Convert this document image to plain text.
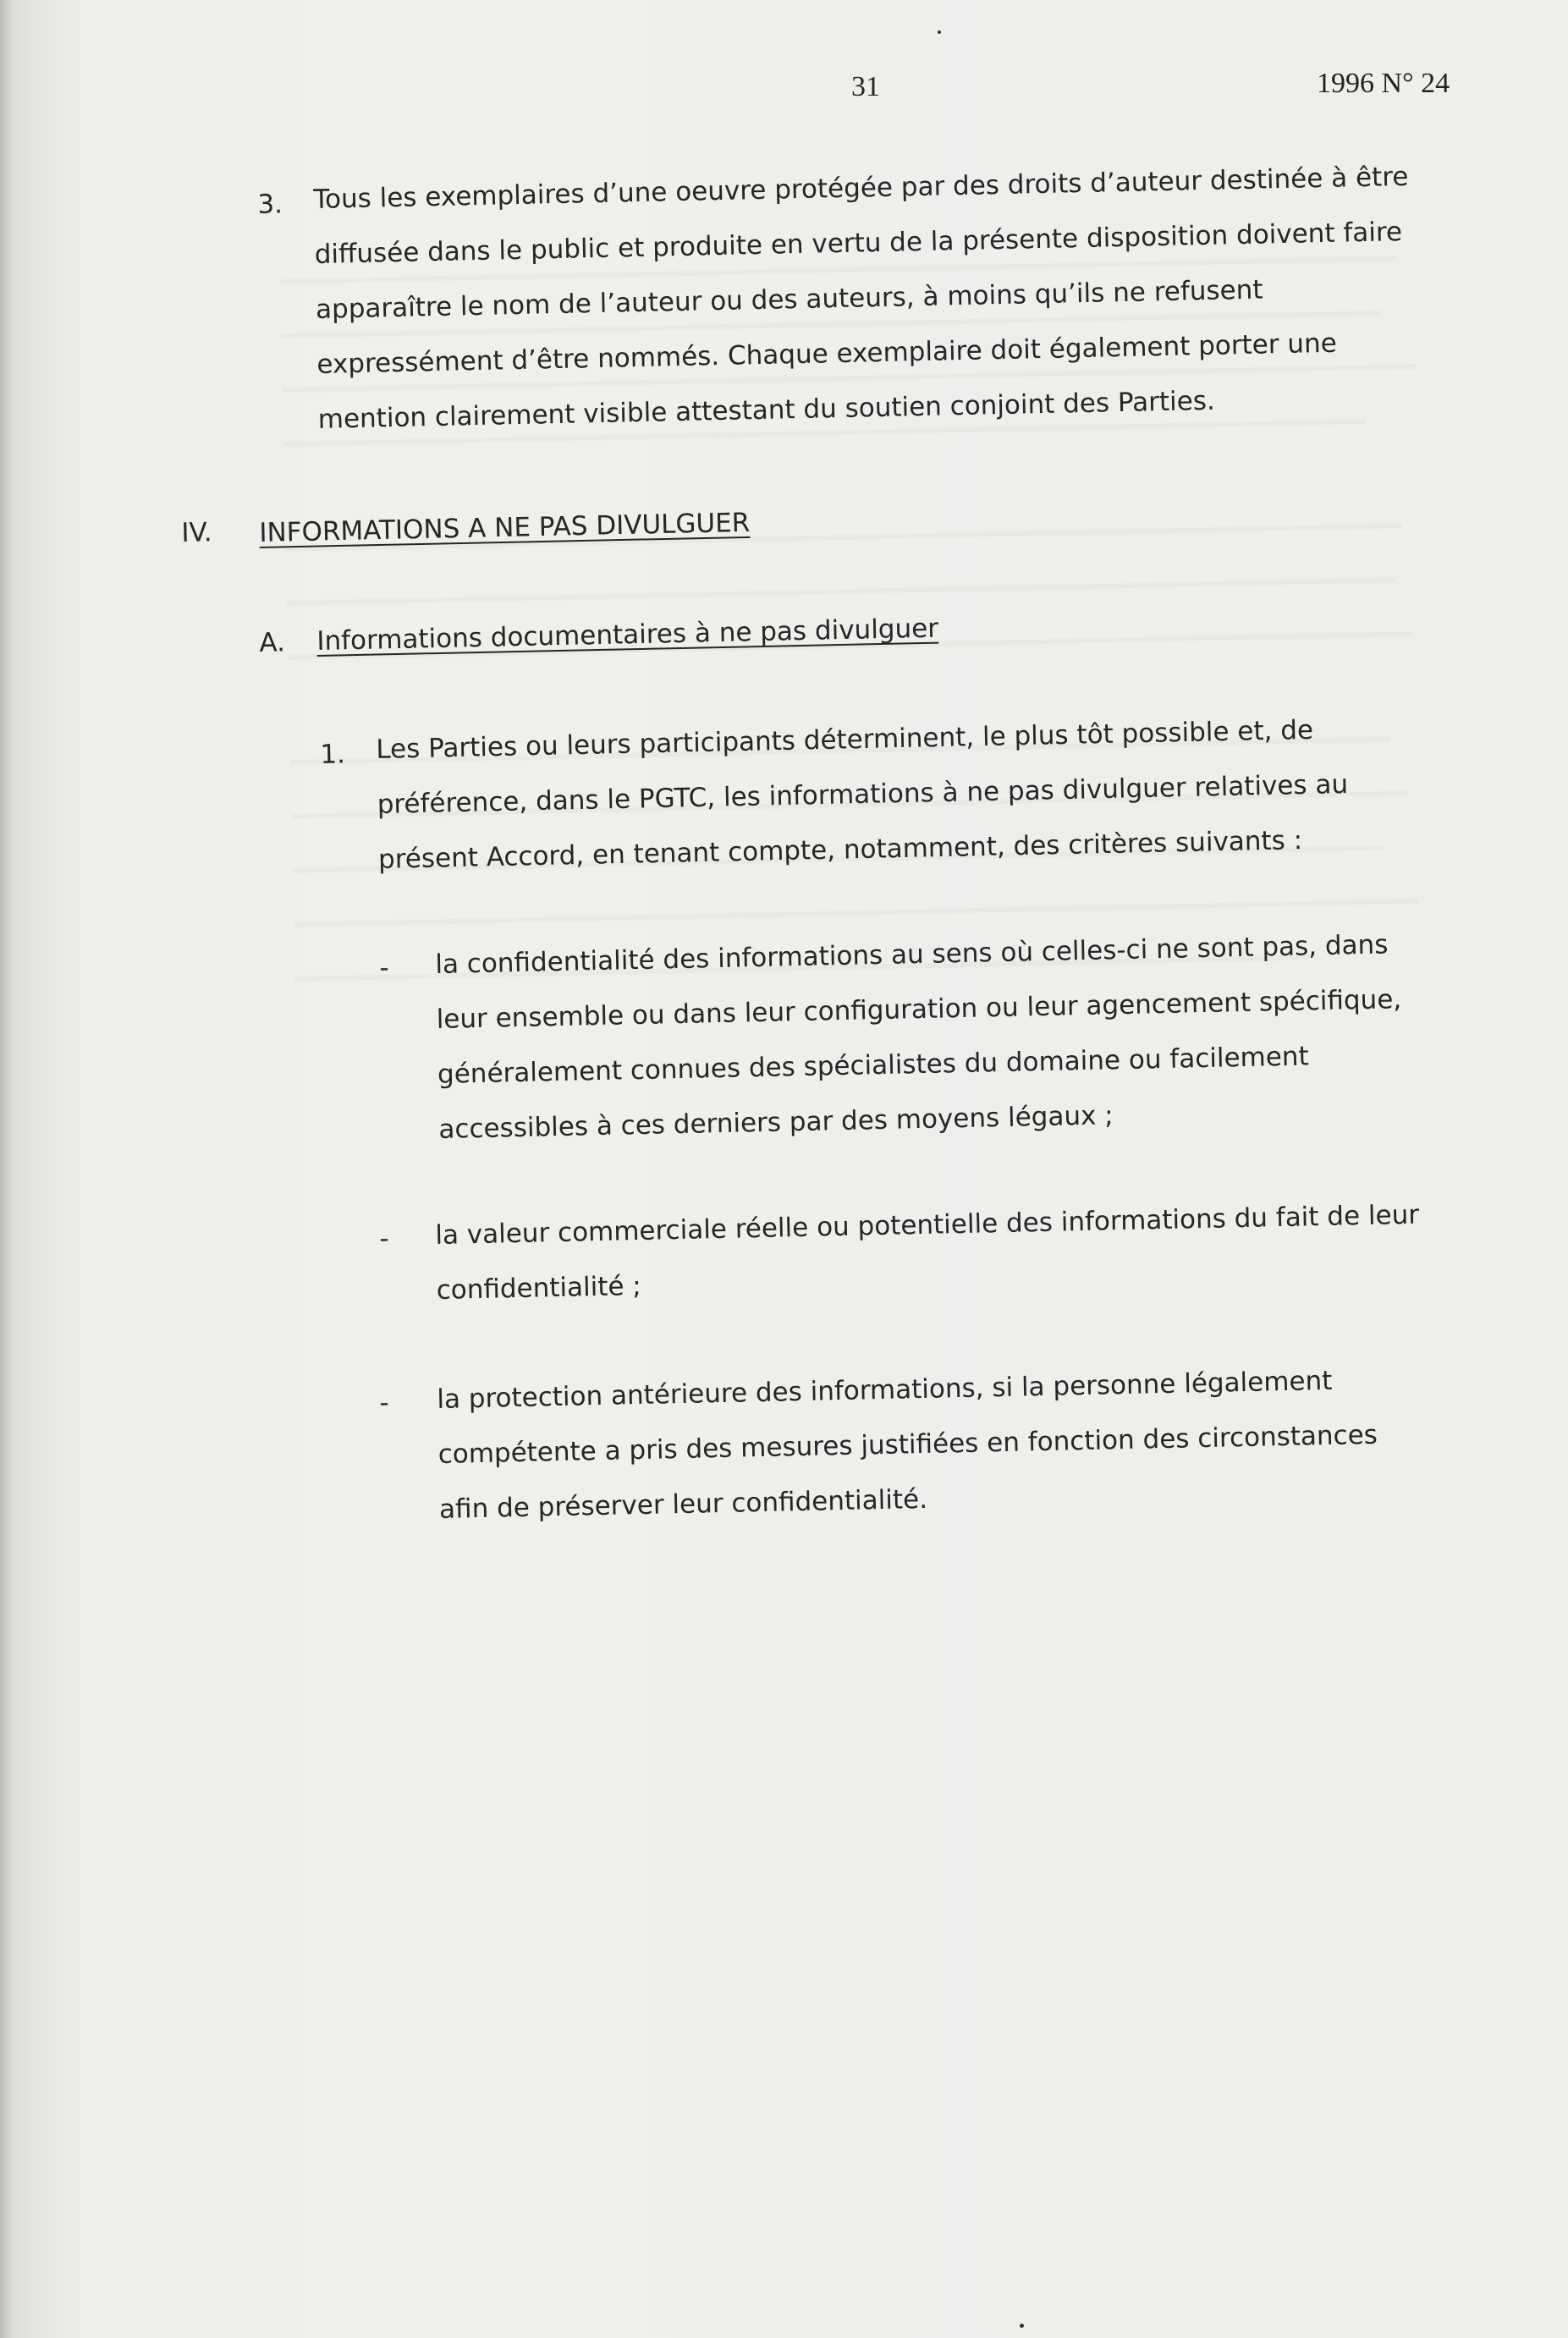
31	1996 N° 24
3. Tous les exemplaires d’une oeuvre protégée par des droits d’auteur destinée à être
diffusée dans le public et produite en vertu de la présente disposition doivent faire
apparaître le nom de l’auteur ou des auteurs, à moins qu’ils ne refusent
expressément d’être nommés. Chaque exemplaire doit également porter une
mention clairement visible attestant du soutien conjoint des Parties.
IV. INFORMATIONS A NE PAS DIVULGUER
A. Informations documentaires à ne pas divulguer
1. Les Parties ou leurs participants déterminent, le plus tôt possible et, de
préférence, dans le PGTC, les informations à ne pas divulguer relatives au
présent Accord, en tenant compte, notamment, des critères suivants :
- la confidentialité des informations au sens où celles-ci ne sont pas, dans
leur ensemble ou dans leur configuration ou leur agencement spécifique,
généralement connues des spécialistes du domaine ou facilement
accessibles à ces derniers par des moyens légaux ;
- la valeur commerciale réelle ou potentielle des informations du fait de leur
confidentialité ;
- la protection antérieure des informations, si la personne légalement
compétente a pris des mesures justifiées en fonction des circonstances
afin de préserver leur confidentialité.
